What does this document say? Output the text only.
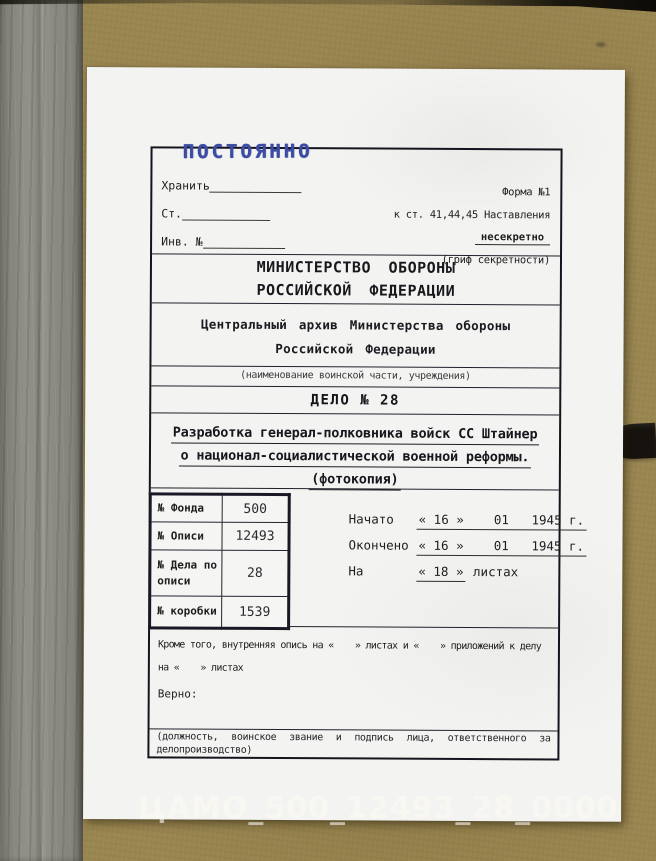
ПОСТОЯННО
Хранить
Ст.
Инв. №
Форма №1
к ст. 41,44,45 Наставления
несекретно
(гриф секретности)
МИНИСТЕРСТВО ОБОРОНЫ
РОССИЙСКОЙ ФЕДЕРАЦИИ
Центральный архив Министерства обороны
Российской Федерации
(наименование воинской части, учреждения)
ДЕЛО № 28
Разработка генерал-полковника войск СС Штайнер
о национал-социалистической военной реформы.
(фотокопия)
№ Фонда	500
№ Описи	12493
№ Дела по описи	28
№ коробки	1539
Начато « 16 »    01   1945 г.
Окончено « 16 »    01   1945 г.
На	« 18 » листах
Кроме того, внутренняя опись на «    » листах и «    » приложений к делу
на «    » листах
Верно:
(должность, воинское звание и подпись лица, ответственного за делопроизводство)
ЦАМО_500_12493_28_0000
